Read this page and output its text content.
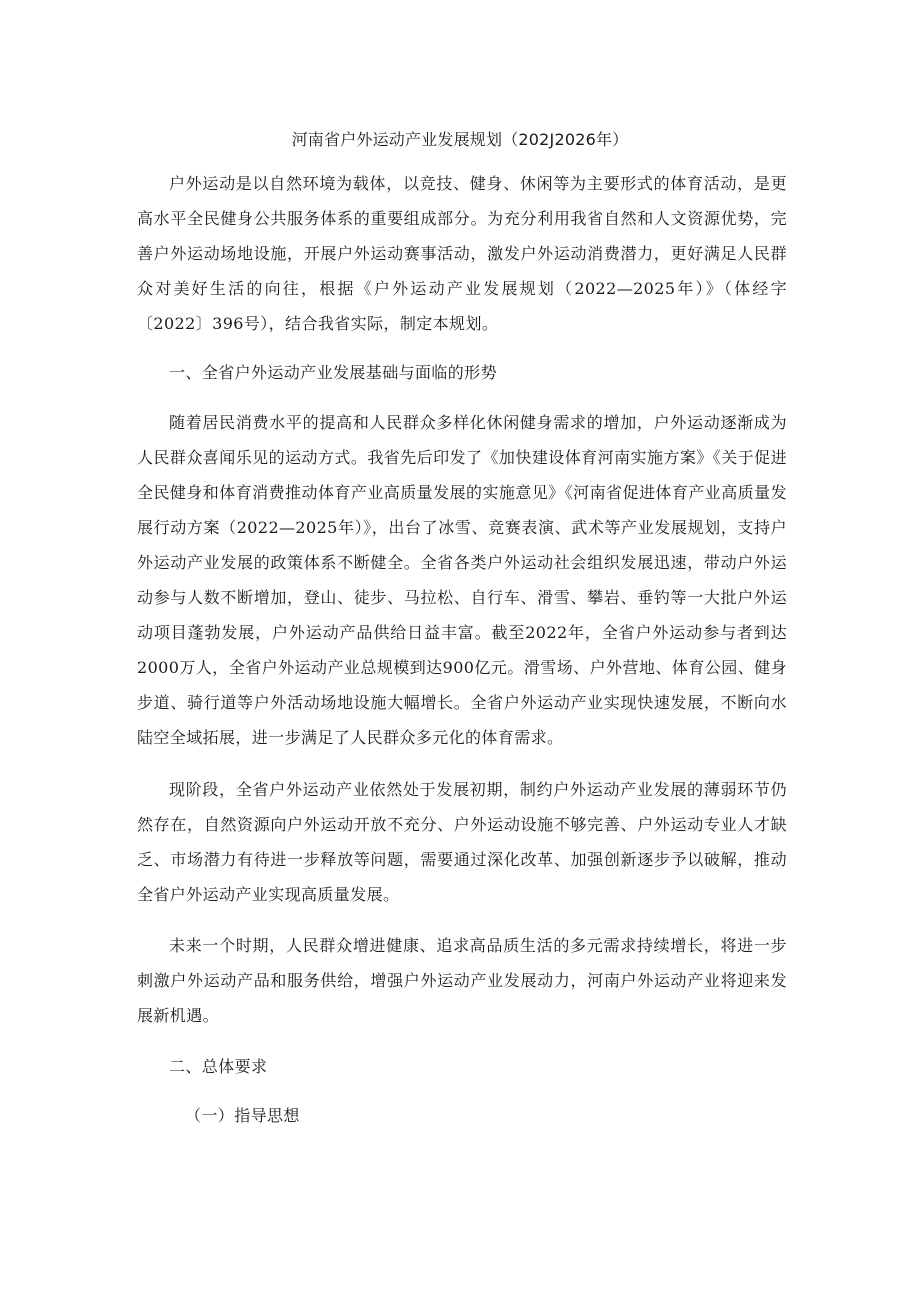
河南省户外运动产业发展规划（202J2026年）

户外运动是以自然环境为载体，以竞技、健身、休闲等为主要形式的体育活动，是更高水平全民健身公共服务体系的重要组成部分。为充分利用我省自然和人文资源优势，完善户外运动场地设施，开展户外运动赛事活动，激发户外运动消费潜力，更好满足人民群众对美好生活的向往，根据《户外运动产业发展规划（2022—2025年）》（体经字〔2022〕396号），结合我省实际，制定本规划。

一、全省户外运动产业发展基础与面临的形势

随着居民消费水平的提高和人民群众多样化休闲健身需求的增加，户外运动逐渐成为人民群众喜闻乐见的运动方式。我省先后印发了《加快建设体育河南实施方案》《关于促进全民健身和体育消费推动体育产业高质量发展的实施意见》《河南省促进体育产业高质量发展行动方案（2022—2025年）》，出台了冰雪、竞赛表演、武术等产业发展规划，支持户外运动产业发展的政策体系不断健全。全省各类户外运动社会组织发展迅速，带动户外运动参与人数不断增加，登山、徒步、马拉松、自行车、滑雪、攀岩、垂钓等一大批户外运动项目蓬勃发展，户外运动产品供给日益丰富。截至2022年，全省户外运动参与者到达2000万人，全省户外运动产业总规模到达900亿元。滑雪场、户外营地、体育公园、健身步道、骑行道等户外活动场地设施大幅增长。全省户外运动产业实现快速发展，不断向水陆空全域拓展，进一步满足了人民群众多元化的体育需求。

现阶段，全省户外运动产业依然处于发展初期，制约户外运动产业发展的薄弱环节仍然存在，自然资源向户外运动开放不充分、户外运动设施不够完善、户外运动专业人才缺乏、市场潜力有待进一步释放等问题，需要通过深化改革、加强创新逐步予以破解，推动全省户外运动产业实现高质量发展。

未来一个时期，人民群众增进健康、追求高品质生活的多元需求持续增长，将进一步刺激户外运动产品和服务供给，增强户外运动产业发展动力，河南户外运动产业将迎来发展新机遇。

二、总体要求

（一）指导思想
